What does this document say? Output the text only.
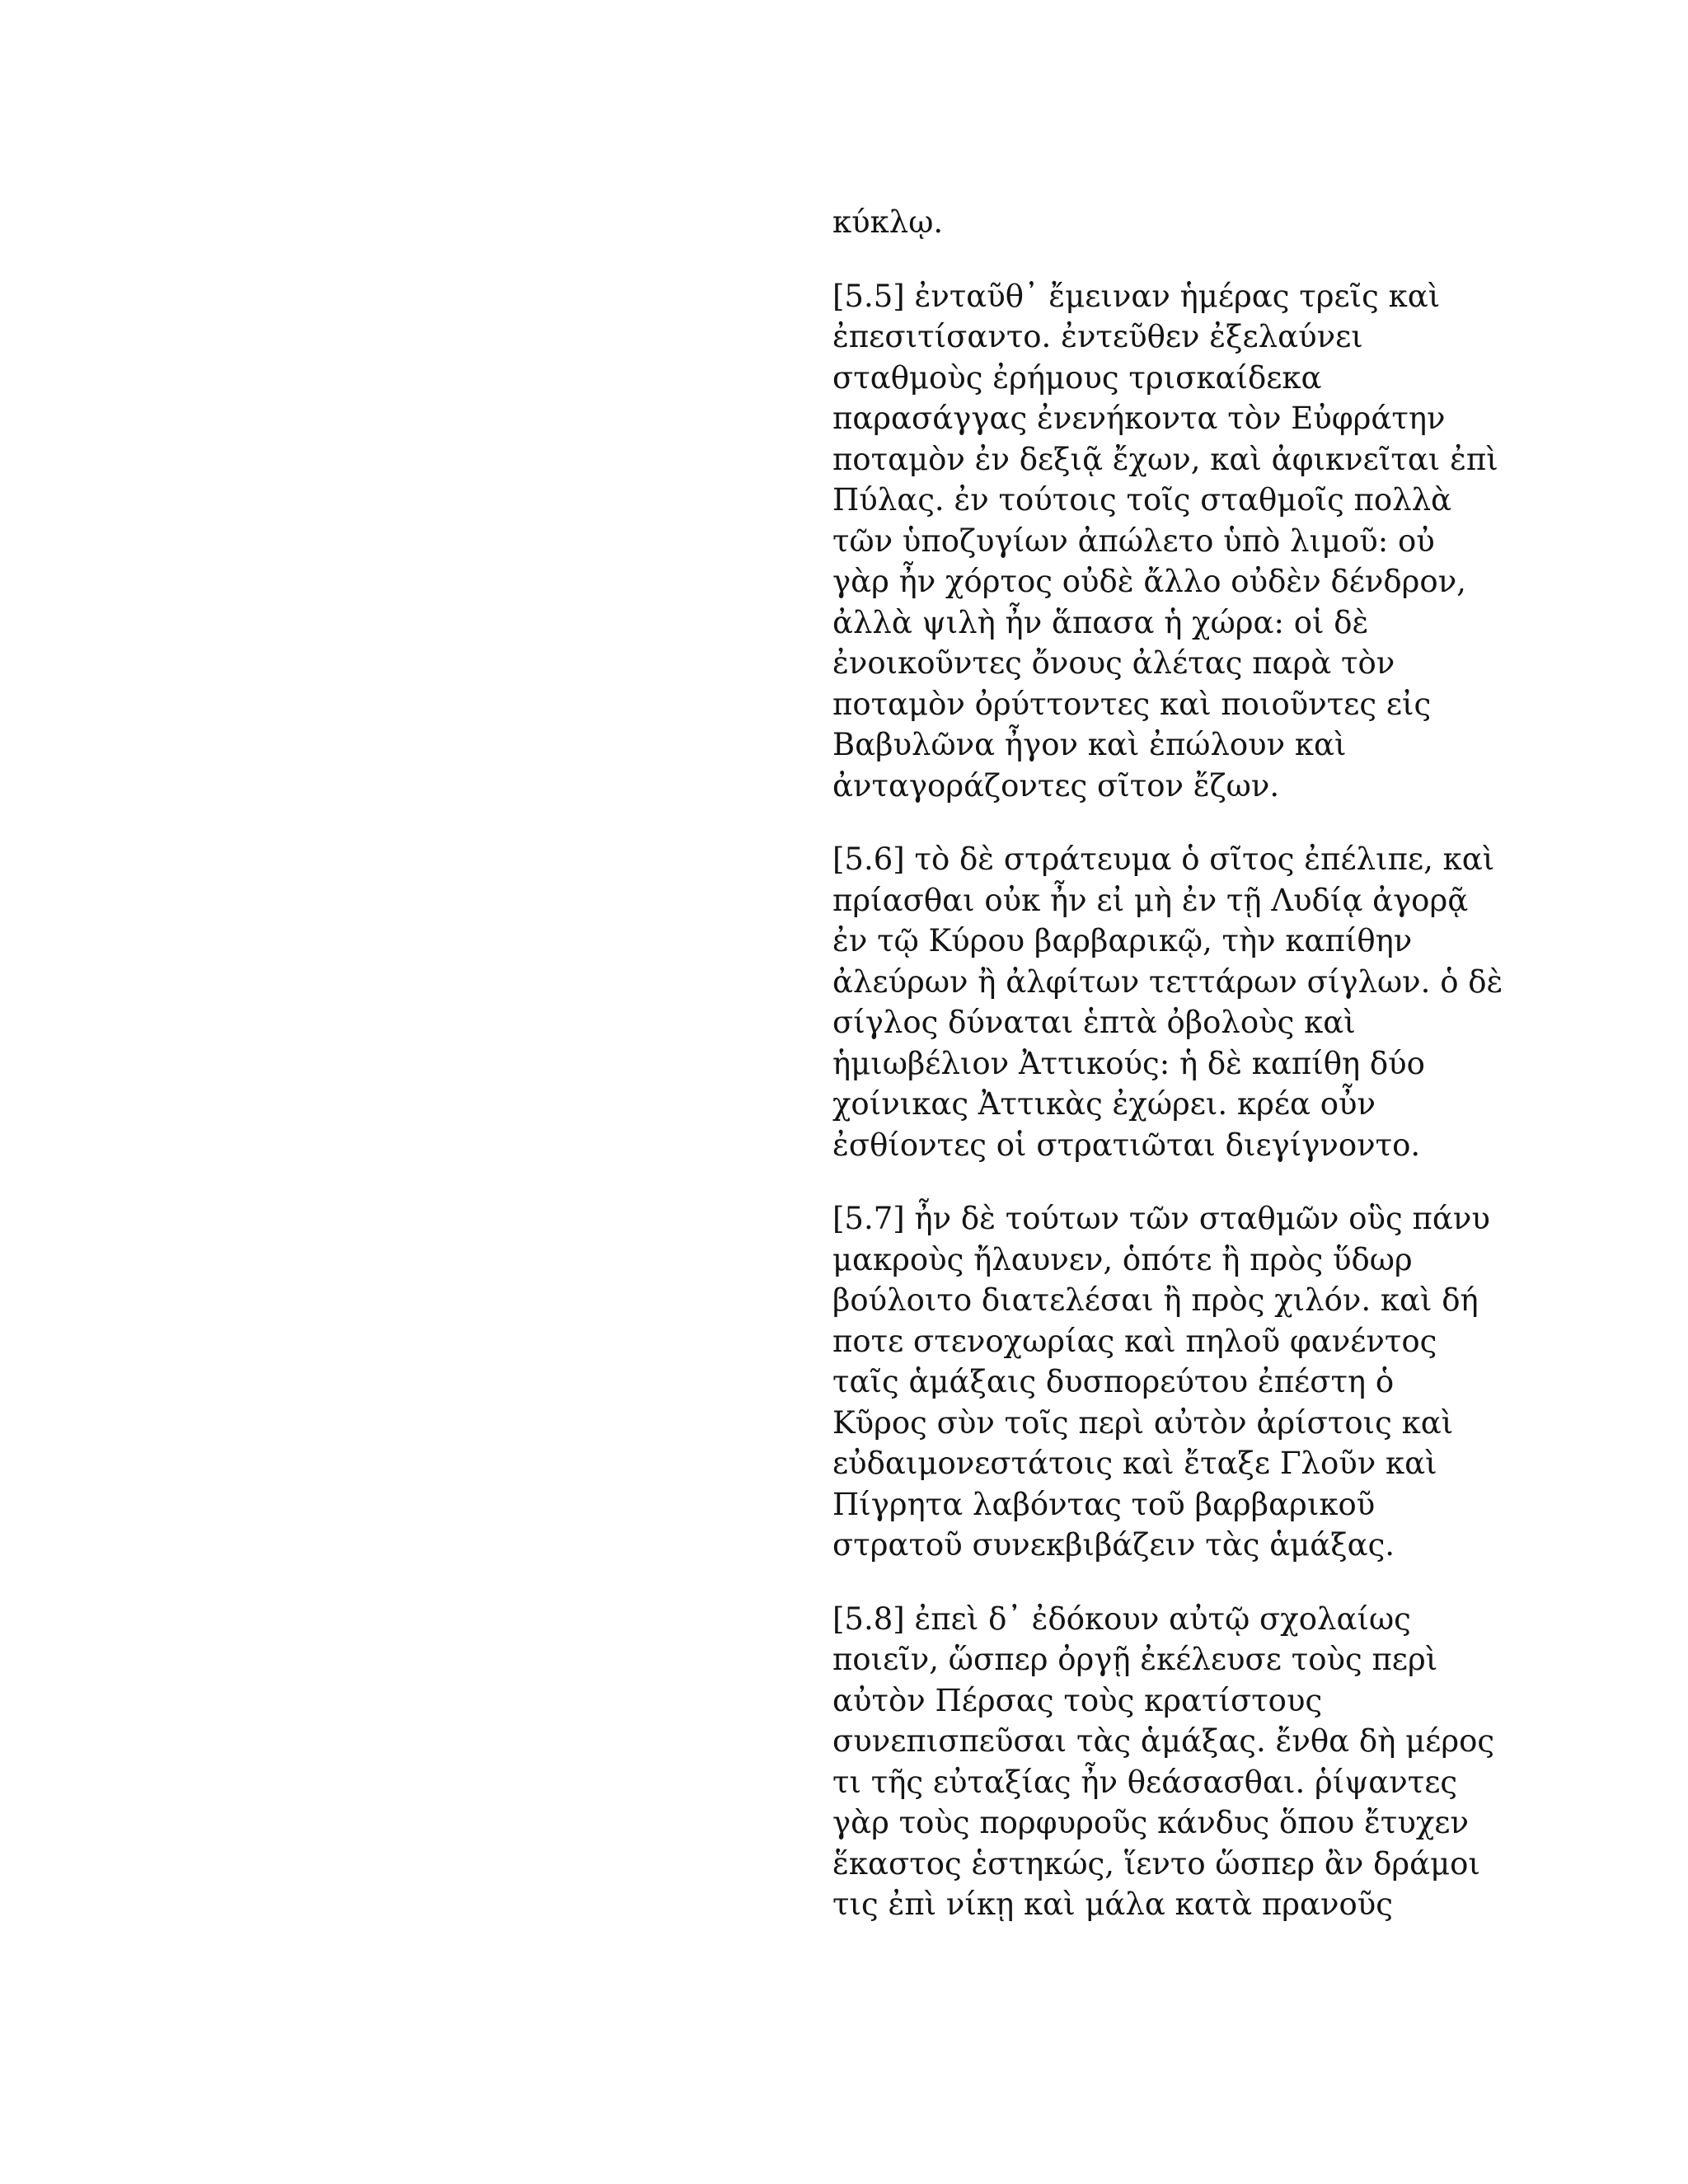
κύκλῳ.

[5.5] ἐνταῦθ᾽ ἔμειναν ἡμέρας τρεῖς καὶ
ἐπεσιτίσαντο. ἐντεῦθεν ἐξελαύνει
σταθμοὺς ἐρήμους τρισκαίδεκα
παρασάγγας ἐνενήκοντα τὸν Εὐφράτην
ποταμὸν ἐν δεξιᾷ ἔχων, καὶ ἀφικνεῖται ἐπὶ
Πύλας. ἐν τούτοις τοῖς σταθμοῖς πολλὰ
τῶν ὑποζυγίων ἀπώλετο ὑπὸ λιμοῦ: οὐ
γὰρ ἦν χόρτος οὐδὲ ἄλλο οὐδὲν δένδρον,
ἀλλὰ ψιλὴ ἦν ἅπασα ἡ χώρα: οἱ δὲ
ἐνοικοῦντες ὄνους ἀλέτας παρὰ τὸν
ποταμὸν ὀρύττοντες καὶ ποιοῦντες εἰς
Βαβυλῶνα ἦγον καὶ ἐπώλουν καὶ
ἀνταγοράζοντες σῖτον ἔζων.

[5.6] τὸ δὲ στράτευμα ὁ σῖτος ἐπέλιπε, καὶ
πρίασθαι οὐκ ἦν εἰ μὴ ἐν τῇ Λυδίᾳ ἀγορᾷ
ἐν τῷ Κύρου βαρβαρικῷ, τὴν καπίθην
ἀλεύρων ἢ ἀλφίτων τεττάρων σίγλων. ὁ δὲ
σίγλος δύναται ἑπτὰ ὀβολοὺς καὶ
ἡμιωβέλιον Ἀττικούς: ἡ δὲ καπίθη δύο
χοίνικας Ἀττικὰς ἐχώρει. κρέα οὖν
ἐσθίοντες οἱ στρατιῶται διεγίγνοντο.

[5.7] ἦν δὲ τούτων τῶν σταθμῶν οὓς πάνυ
μακροὺς ἤλαυνεν, ὁπότε ἢ πρὸς ὕδωρ
βούλοιτο διατελέσαι ἢ πρὸς χιλόν. καὶ δή
ποτε στενοχωρίας καὶ πηλοῦ φανέντος
ταῖς ἁμάξαις δυσπορεύτου ἐπέστη ὁ
Κῦρος σὺν τοῖς περὶ αὐτὸν ἀρίστοις καὶ
εὐδαιμονεστάτοις καὶ ἔταξε Γλοῦν καὶ
Πίγρητα λαβόντας τοῦ βαρβαρικοῦ
στρατοῦ συνεκβιβάζειν τὰς ἁμάξας.

[5.8] ἐπεὶ δ᾽ ἐδόκουν αὐτῷ σχολαίως
ποιεῖν, ὥσπερ ὀργῇ ἐκέλευσε τοὺς περὶ
αὐτὸν Πέρσας τοὺς κρατίστους
συνεπισπεῦσαι τὰς ἁμάξας. ἔνθα δὴ μέρος
τι τῆς εὐταξίας ἦν θεάσασθαι. ῥίψαντες
γὰρ τοὺς πορφυροῦς κάνδυς ὅπου ἔτυχεν
ἕκαστος ἑστηκώς, ἵεντο ὥσπερ ἂν δράμοι
τις ἐπὶ νίκῃ καὶ μάλα κατὰ πρανοῦς
